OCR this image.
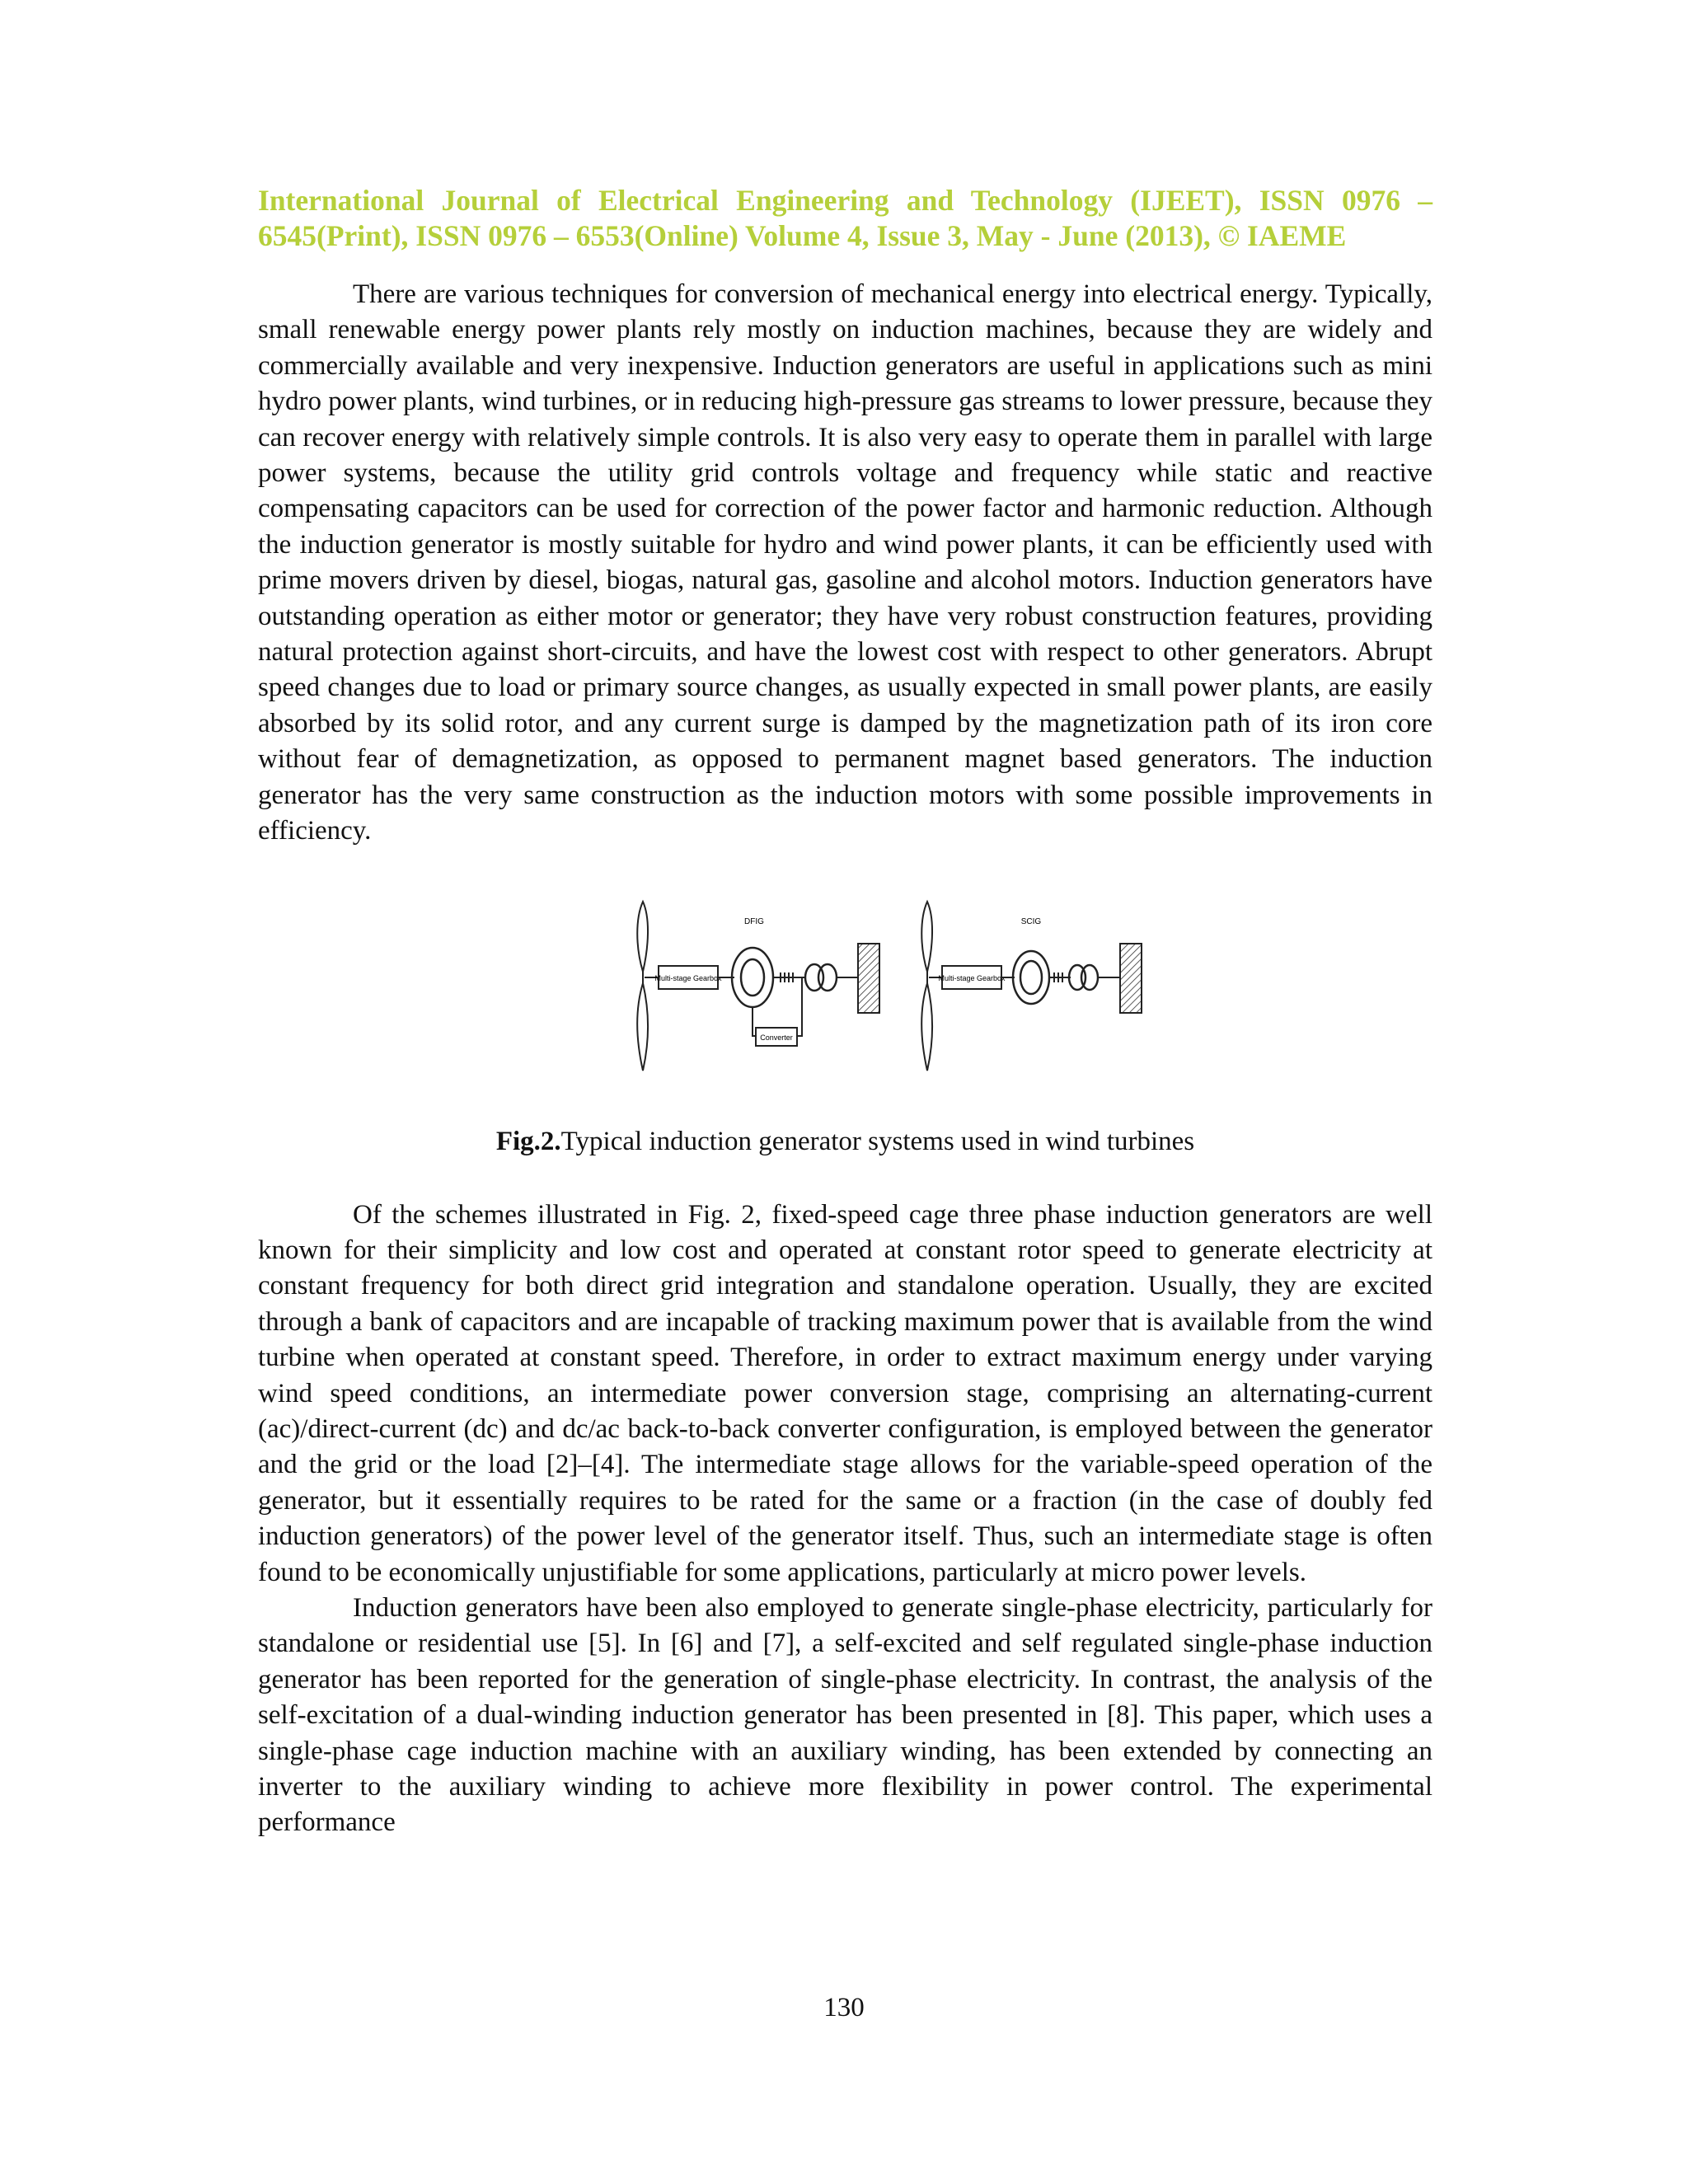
International Journal of Electrical Engineering and Technology (IJEET), ISSN 0976 – 6545(Print), ISSN 0976 – 6553(Online) Volume 4, Issue 3, May - June (2013), © IAEME

There are various techniques for conversion of mechanical energy into electrical energy. Typically, small renewable energy power plants rely mostly on induction machines, because they are widely and commercially available and very inexpensive. Induction generators are useful in applications such as mini hydro power plants, wind turbines, or in reducing high-pressure gas streams to lower pressure, because they can recover energy with relatively simple controls. It is also very easy to operate them in parallel with large power systems, because the utility grid controls voltage and frequency while static and reactive compensating capacitors can be used for correction of the power factor and harmonic reduction. Although the induction generator is mostly suitable for hydro and wind power plants, it can be efficiently used with prime movers driven by diesel, biogas, natural gas, gasoline and alcohol motors. Induction generators have outstanding operation as either motor or generator; they have very robust construction features, providing natural protection against short-circuits, and have the lowest cost with respect to other generators. Abrupt speed changes due to load or primary source changes, as usually expected in small power plants, are easily absorbed by its solid rotor, and any current surge is damped by the magnetization path of its iron core without fear of demagnetization, as opposed to permanent magnet based generators. The induction generator has the very same construction as the induction motors with some possible improvements in efficiency.

Multi-stage Gearbox
DFIG
Converter
Multi-stage Gearbox
SCIG

Fig.2.Typical induction generator systems used in wind turbines

Of the schemes illustrated in Fig. 2, fixed-speed cage three phase induction generators are well known for their simplicity and low cost and operated at constant rotor speed to generate electricity at constant frequency for both direct grid integration and standalone operation. Usually, they are excited through a bank of capacitors and are incapable of tracking maximum power that is available from the wind turbine when operated at constant speed. Therefore, in order to extract maximum energy under varying wind speed conditions, an intermediate power conversion stage, comprising an alternating-current (ac)/direct-current (dc) and dc/ac back-to-back converter configuration, is employed between the generator and the grid or the load [2]–[4]. The intermediate stage allows for the variable-speed operation of the generator, but it essentially requires to be rated for the same or a fraction (in the case of doubly fed induction generators) of the power level of the generator itself. Thus, such an intermediate stage is often found to be economically unjustifiable for some applications, particularly at micro power levels.

Induction generators have been also employed to generate single-phase electricity, particularly for standalone or residential use [5]. In [6] and [7], a self-excited and self regulated single-phase induction generator has been reported for the generation of single-phase electricity. In contrast, the analysis of the self-excitation of a dual-winding induction generator has been presented in [8]. This paper, which uses a single-phase cage induction machine with an auxiliary winding, has been extended by connecting an inverter to the auxiliary winding to achieve more flexibility in power control. The experimental performance

130
